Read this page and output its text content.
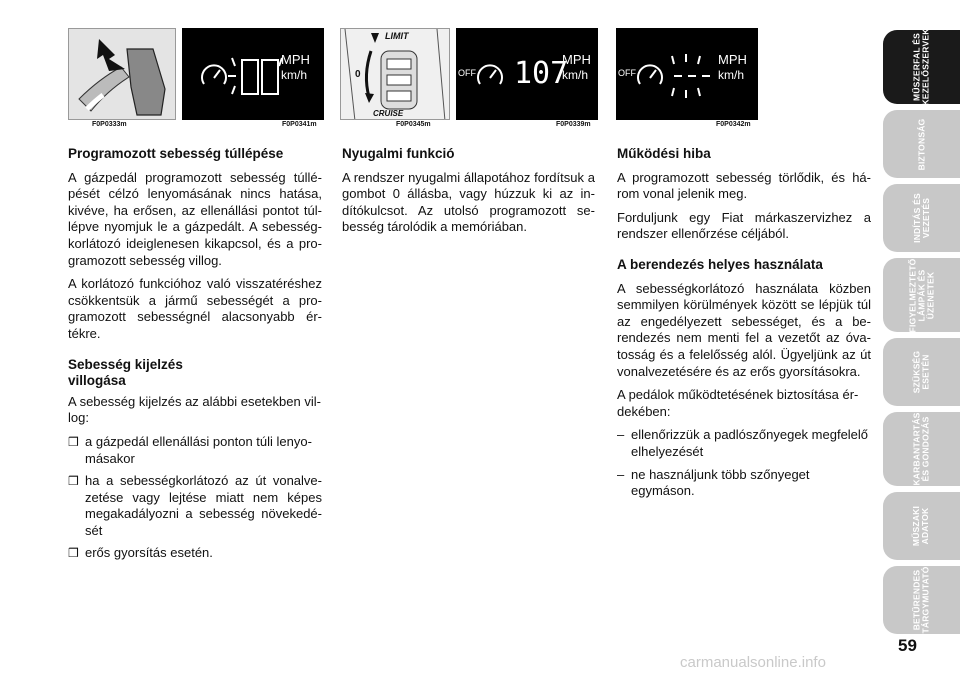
F0P0333m
MPH
km/h
F0P0341m
LIMIT
0
CRUISE
F0P0345m
OFF 107
MPH
km/h
F0P0339m
OFF
MPH
km/h
F0P0342m
Programozott sebesség túllépése

A gázpedál programozott sebesség túllépését célzó lenyomásának nincs hatása, kivéve, ha erősen, az ellenállási pontot túllépve nyomjuk le a gázpedált. A sebességkorlátozó ideiglenesen kikapcsol, és a programozott sebesség villog.

A korlátozó funkcióhoz való visszatéréshez csökkentsük a jármű sebességét a programozott sebességnél alacsonyabb értékre.

Sebesség kijelzés
villogása

A sebesség kijelzés az alábbi esetekben villog:

❒ a gázpedál ellenállási ponton túli lenyomásakor
❒ ha a sebességkorlátozó az út vonalvezetése vagy lejtése miatt nem képes megakadályozni a sebesség növekedését
❒ erős gyorsítás esetén.
Nyugalmi funkció

A rendszer nyugalmi állapotához fordítsuk a gombot 0 állásba, vagy húzzuk ki az indítókulcsot. Az utolsó programozott sebesség tárolódik a memóriában.

Működési hiba

A programozott sebesség törlődik, és három vonal jelenik meg.

Forduljunk egy Fiat márkaszervizhez a rendszer ellenőrzése céljából.

A berendezés helyes használata

A sebességkorlátozó használata közben semmilyen körülmények között se lépjük túl az engedélyezett sebességet, és a berendezés nem menti fel a vezetőt az óvatosság és a felelősség alól. Ügyeljünk az út vonalvezetésére és az erős gyorsításokra.

A pedálok működtetésének biztosítása érdekében:

– ellenőrizzük a padlószőnyegek megfelelő elhelyezését
– ne használjunk több szőnyeget egymáson.
MŰSZERFAL ÉS
KEZELŐSZERVEK
BIZTONSÁG
INDÍTÁS ÉS
VEZETÉS
FIGYELMEZTETŐ
LÁMPÁK ÉS
ÜZENETEK
SZÜKSÉG
ESETÉN
KARBANTARTÁS
ÉS GONDOZÁS
MŰSZAKI
ADATOK
BETŰRENDES
TÁRGYMUTATÓ
59
carmanualsonline.info
